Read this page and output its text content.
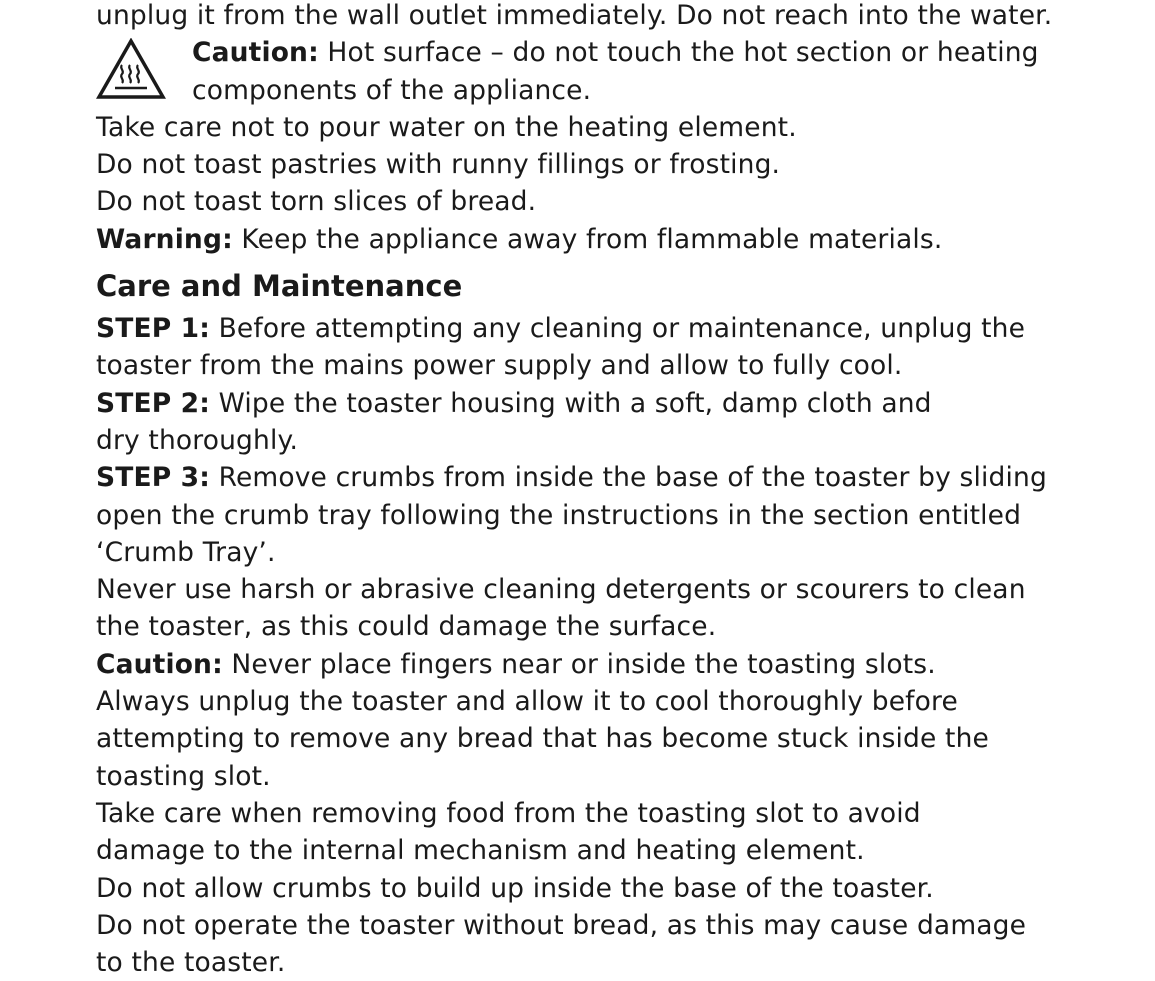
unplug it from the wall outlet immediately. Do not reach into the water.
Caution: Hot surface – do not touch the hot section or heating
components of the appliance.
Take care not to pour water on the heating element.
Do not toast pastries with runny fillings or frosting.
Do not toast torn slices of bread.
Warning: Keep the appliance away from flammable materials.
Care and Maintenance
STEP 1: Before attempting any cleaning or maintenance, unplug the
toaster from the mains power supply and allow to fully cool.
STEP 2: Wipe the toaster housing with a soft, damp cloth and
dry thoroughly.
STEP 3: Remove crumbs from inside the base of the toaster by sliding
open the crumb tray following the instructions in the section entitled
‘Crumb Tray’.
Never use harsh or abrasive cleaning detergents or scourers to clean
the toaster, as this could damage the surface.
Caution: Never place fingers near or inside the toasting slots.
Always unplug the toaster and allow it to cool thoroughly before
attempting to remove any bread that has become stuck inside the
toasting slot.
Take care when removing food from the toasting slot to avoid
damage to the internal mechanism and heating element.
Do not allow crumbs to build up inside the base of the toaster.
Do not operate the toaster without bread, as this may cause damage
to the toaster.
